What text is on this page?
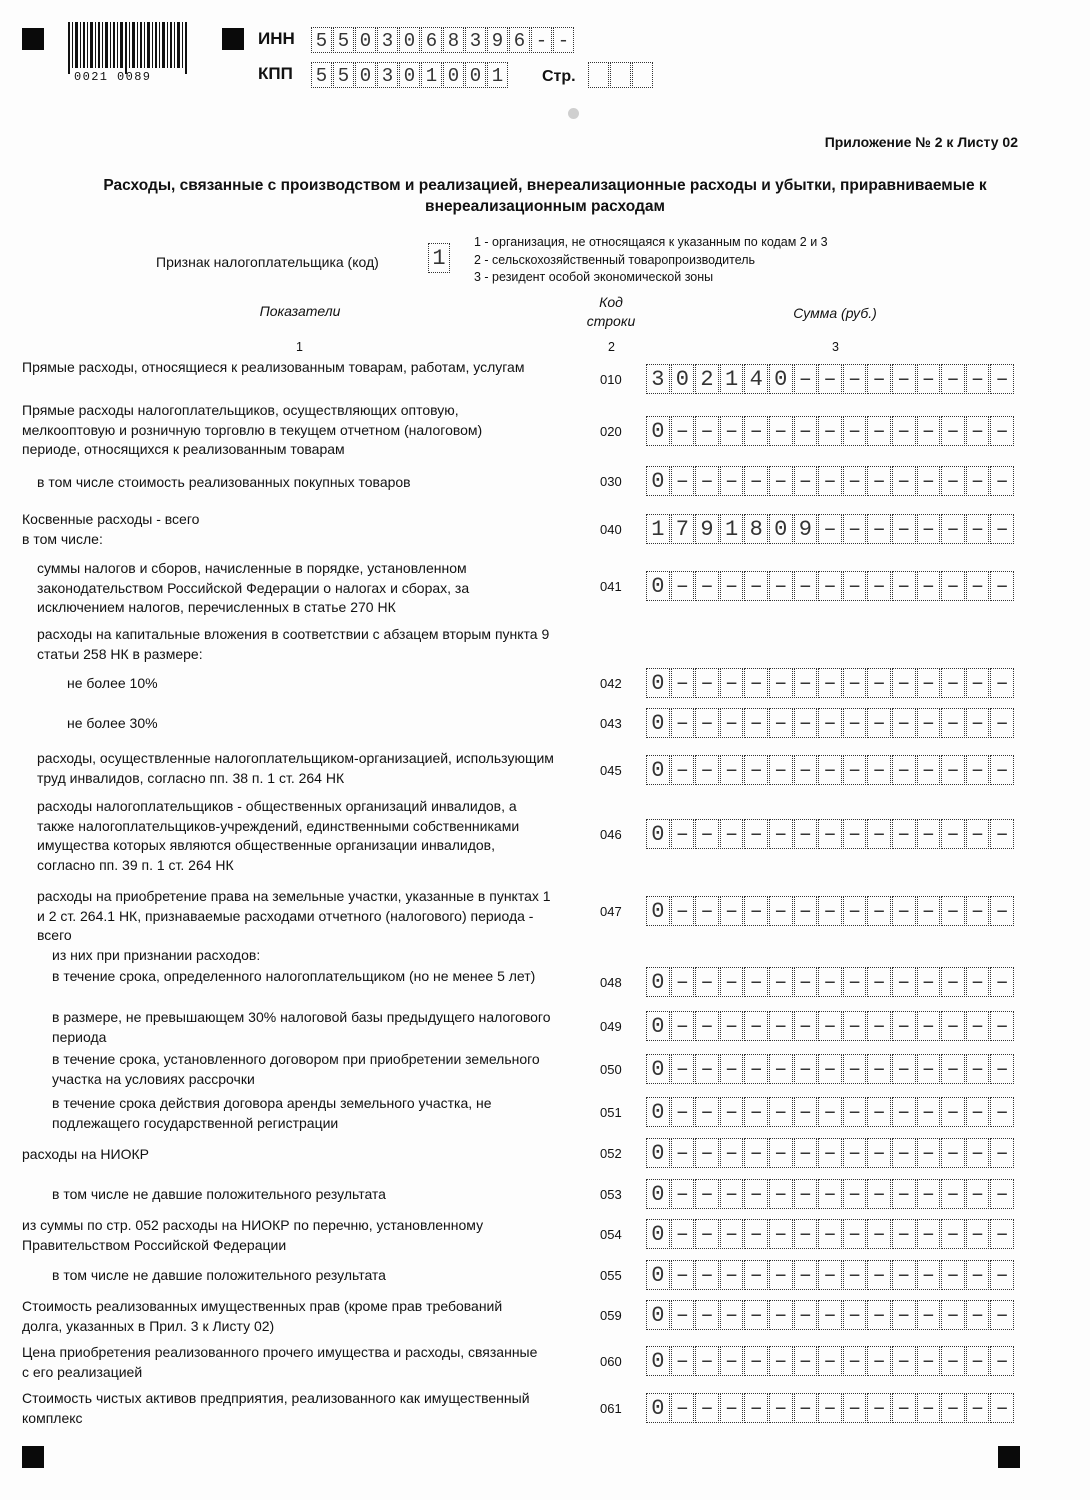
0021 0089
ИНН 5 5 0 3 0 6 8 3 9 6 - -
КПП 5 5 0 3 0 1 0 0 1 Стр.
Приложение № 2 к Листу 02
Расходы, связанные с производством и реализацией, внереализационные расходы и убытки, приравниваемые к внереализационным расходам
Признак налогоплательщика (код) 1
1 - организация, не относящаяся к указанным по кодам 2 и 3
2 - сельскохозяйственный товаропроизводитель
3 - резидент особой экономической зоны
Показатели
Код строки	Сумма (руб.)
1	2	3
Прямые расходы, относящиеся к реализованным товарам, работам, услугам
010 3 0 2 1 4 0 – – – – – – – – –
Прямые расходы налогоплательщиков, осуществляющих оптовую, мелкооптовую и розничную торговлю в текущем отчетном (налоговом) периоде, относящихся к реализованным товарам
020 0 – – – – – – – – – – – – – –
в том числе стоимость реализованных покупных товаров	030 0 – – – – – – – – – – – – – –
Косвенные расходы - всего
в том числе:
040 1 7 9 1 8 0 9 – – – – – – – –
суммы налогов и сборов, начисленные в порядке, установленном законодательством Российской Федерации о налогах и сборах, за исключением налогов, перечисленных в статье 270 НК
041 0 – – – – – – – – – – – – – –
расходы на капитальные вложения в соответствии с абзацем вторым пункта 9 статьи 258 НК в размере:
не более 10%	042 0 – – – – – – – – – – – – – –
не более 30%	043 0 – – – – – – – – – – – – – –
расходы, осуществленные налогоплательщиком-организацией, использующим труд инвалидов, согласно пп. 38 п. 1 ст. 264 НК	045 0 – – – – – – – – – – – – – –
расходы налогоплательщиков - общественных организаций инвалидов, а также налогоплательщиков-учреждений, единственными собственниками имущества которых являются общественные организации инвалидов, согласно пп. 39 п. 1 ст. 264 НК
046 0 – – – – – – – – – – – – – –
расходы на приобретение права на земельные участки, указанные в пунктах 1 и 2 ст. 264.1 НК, признаваемые расходами отчетного (налогового) периода - всего
047 0 – – – – – – – – – – – – – –
из них при признании расходов:
в течение срока, определенного налогоплательщиком (но не менее 5 лет)	048 0 – – – – – – – – – – – – – –
в размере, не превышающем 30% налоговой базы предыдущего налогового периода
049 0 – – – – – – – – – – – – – –
в течение срока, установленного договором при приобретении земельного участка на условиях рассрочки
050 0 – – – – – – – – – – – – – –
в течение срока действия договора аренды земельного участка, не подлежащего государственной регистрации
051 0 – – – – – – – – – – – – – –
расходы на НИОКР	052 0 – – – – – – – – – – – – – –
в том числе не давшие положительного результата	053 0 – – – – – – – – – – – – – –
из суммы по стр. 052 расходы на НИОКР по перечню, установленному Правительством Российской Федерации
054 0 – – – – – – – – – – – – – –
в том числе не давшие положительного результата	055 0 – – – – – – – – – – – – – –
Стоимость реализованных имущественных прав (кроме прав требований долга, указанных в Прил. 3 к Листу 02)
059 0 – – – – – – – – – – – – – –
Цена приобретения реализованного прочего имущества и расходы, связанные с его реализацией
060 0 – – – – – – – – – – – – – –
Стоимость чистых активов предприятия, реализованного как имущественный комплекс
061 0 – – – – – – – – – – – – – –
